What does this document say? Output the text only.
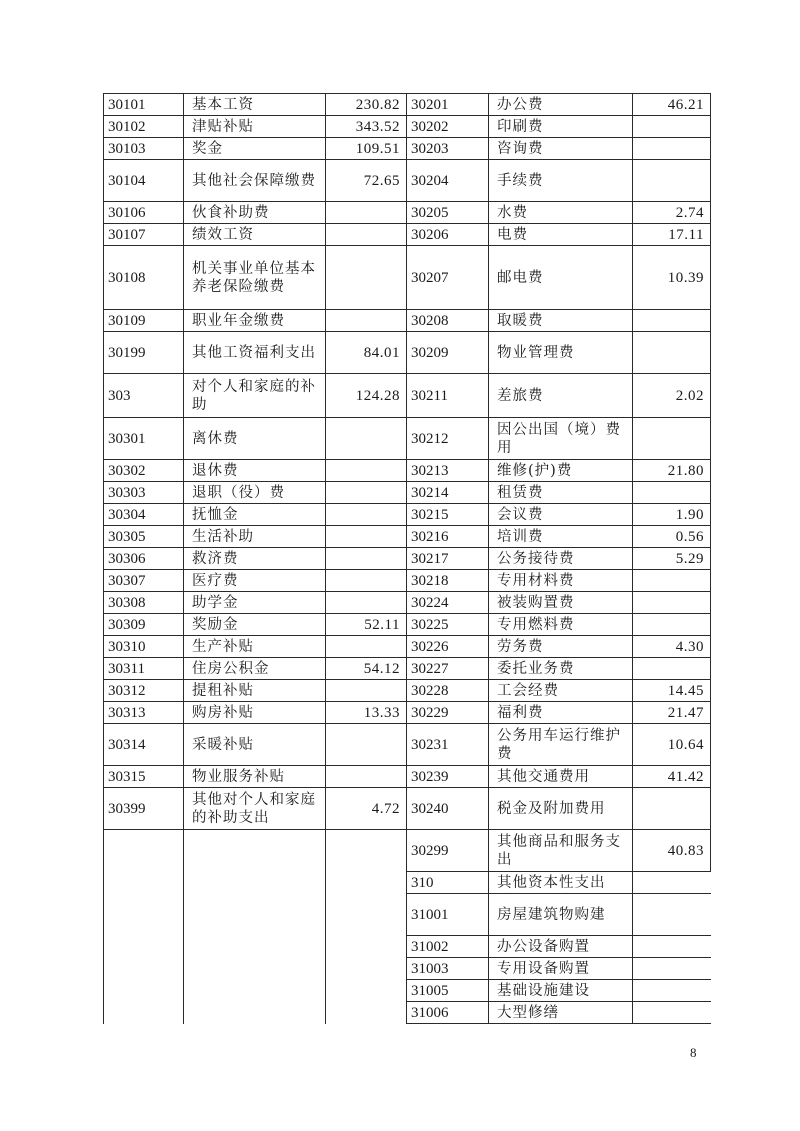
30101	基本工资	230.82	30201	办公费	46.21
30102	津贴补贴	343.52	30202	印刷费	
30103	奖金	109.51	30203	咨询费	
30104	其他社会保障缴费	72.65	30204	手续费	
30106	伙食补助费		30205	水费	2.74
30107	绩效工资		30206	电费	17.11
30108	机关事业单位基本养老保险缴费		30207	邮电费	10.39
30109	职业年金缴费		30208	取暖费	
30199	其他工资福利支出	84.01	30209	物业管理费	
303	对个人和家庭的补助	124.28	30211	差旅费	2.02
30301	离休费		30212	因公出国（境）费用	
30302	退休费		30213	维修(护)费	21.80
30303	退职（役）费		30214	租赁费	
30304	抚恤金		30215	会议费	1.90
30305	生活补助		30216	培训费	0.56
30306	救济费		30217	公务接待费	5.29
30307	医疗费		30218	专用材料费	
30308	助学金		30224	被装购置费	
30309	奖励金	52.11	30225	专用燃料费	
30310	生产补贴		30226	劳务费	4.30
30311	住房公积金	54.12	30227	委托业务费	
30312	提租补贴		30228	工会经费	14.45
30313	购房补贴	13.33	30229	福利费	21.47
30314	采暖补贴		30231	公务用车运行维护费	10.64
30315	物业服务补贴		30239	其他交通费用	41.42
30399	其他对个人和家庭的补助支出	4.72	30240	税金及附加费用	
			30299	其他商品和服务支出	40.83
			310	其他资本性支出	
			31001	房屋建筑物购建	
			31002	办公设备购置	
			31003	专用设备购置	
			31005	基础设施建设	
			31006	大型修缮	
8
